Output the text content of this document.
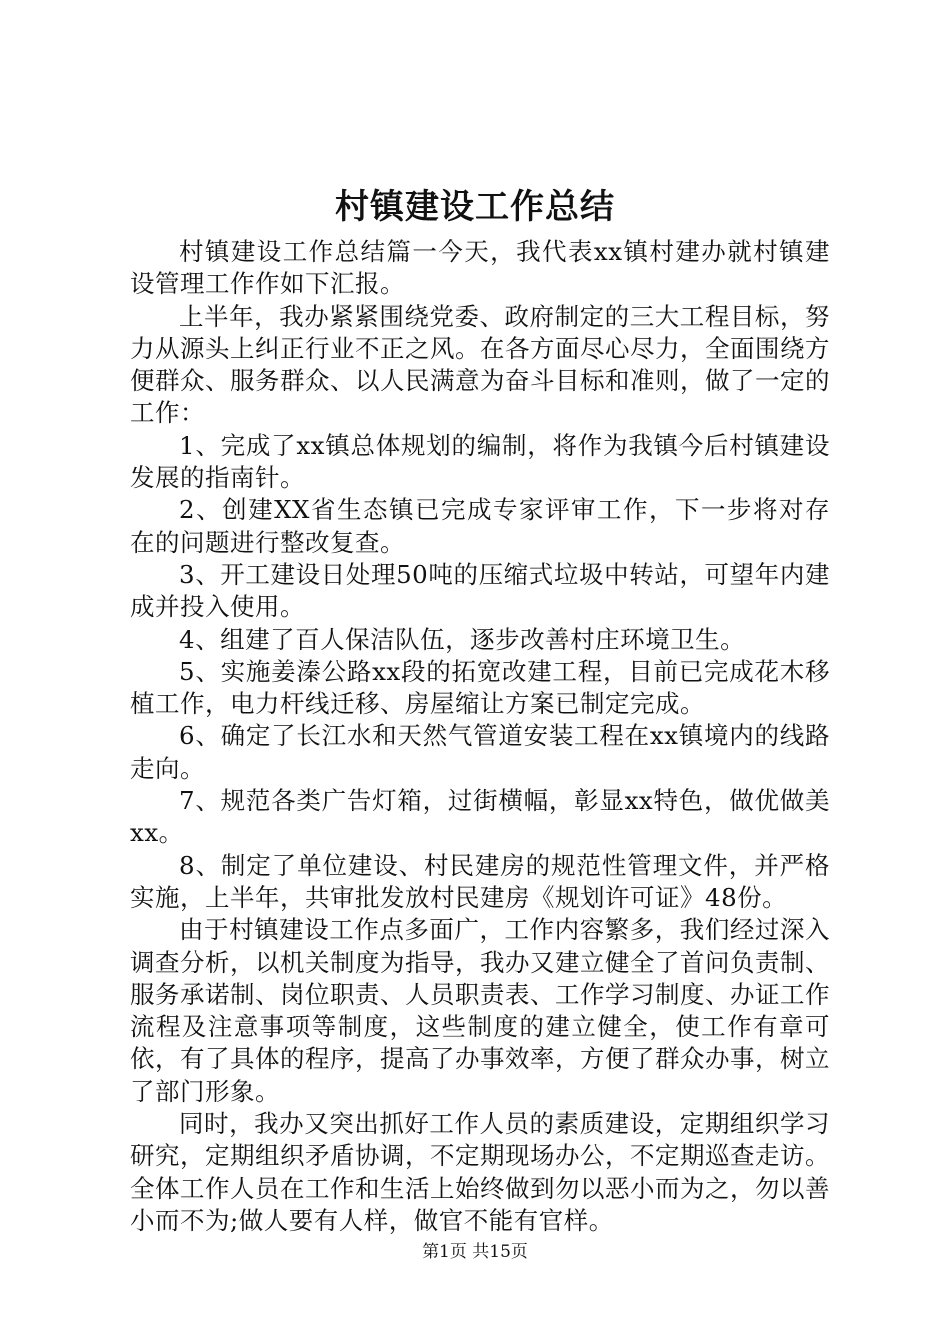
村镇建设工作总结

村镇建设工作总结篇一今天，我代表xx镇村建办就村镇建设管理工作作如下汇报。

上半年，我办紧紧围绕党委、政府制定的三大工程目标，努力从源头上纠正行业不正之风。在各方面尽心尽力，全面围绕方便群众、服务群众、以人民满意为奋斗目标和准则，做了一定的工作：

1、完成了xx镇总体规划的编制，将作为我镇今后村镇建设发展的指南针。

2、创建XX省生态镇已完成专家评审工作，下一步将对存在的问题进行整改复查。

3、开工建设日处理50吨的压缩式垃圾中转站，可望年内建成并投入使用。

4、组建了百人保洁队伍，逐步改善村庄环境卫生。

5、实施姜溱公路xx段的拓宽改建工程，目前已完成花木移植工作，电力杆线迁移、房屋缩让方案已制定完成。

6、确定了长江水和天然气管道安装工程在xx镇境内的线路走向。

7、规范各类广告灯箱，过街横幅，彰显xx特色，做优做美xx。

8、制定了单位建设、村民建房的规范性管理文件，并严格实施，上半年，共审批发放村民建房《规划许可证》48份。

由于村镇建设工作点多面广，工作内容繁多，我们经过深入调查分析，以机关制度为指导，我办又建立健全了首问负责制、服务承诺制、岗位职责、人员职责表、工作学习制度、办证工作流程及注意事项等制度，这些制度的建立健全，使工作有章可依，有了具体的程序，提高了办事效率，方便了群众办事，树立了部门形象。

同时，我办又突出抓好工作人员的素质建设，定期组织学习研究，定期组织矛盾协调，不定期现场办公，不定期巡查走访。全体工作人员在工作和生活上始终做到勿以恶小而为之，勿以善小而不为;做人要有人样，做官不能有官样。

第1页 共15页
